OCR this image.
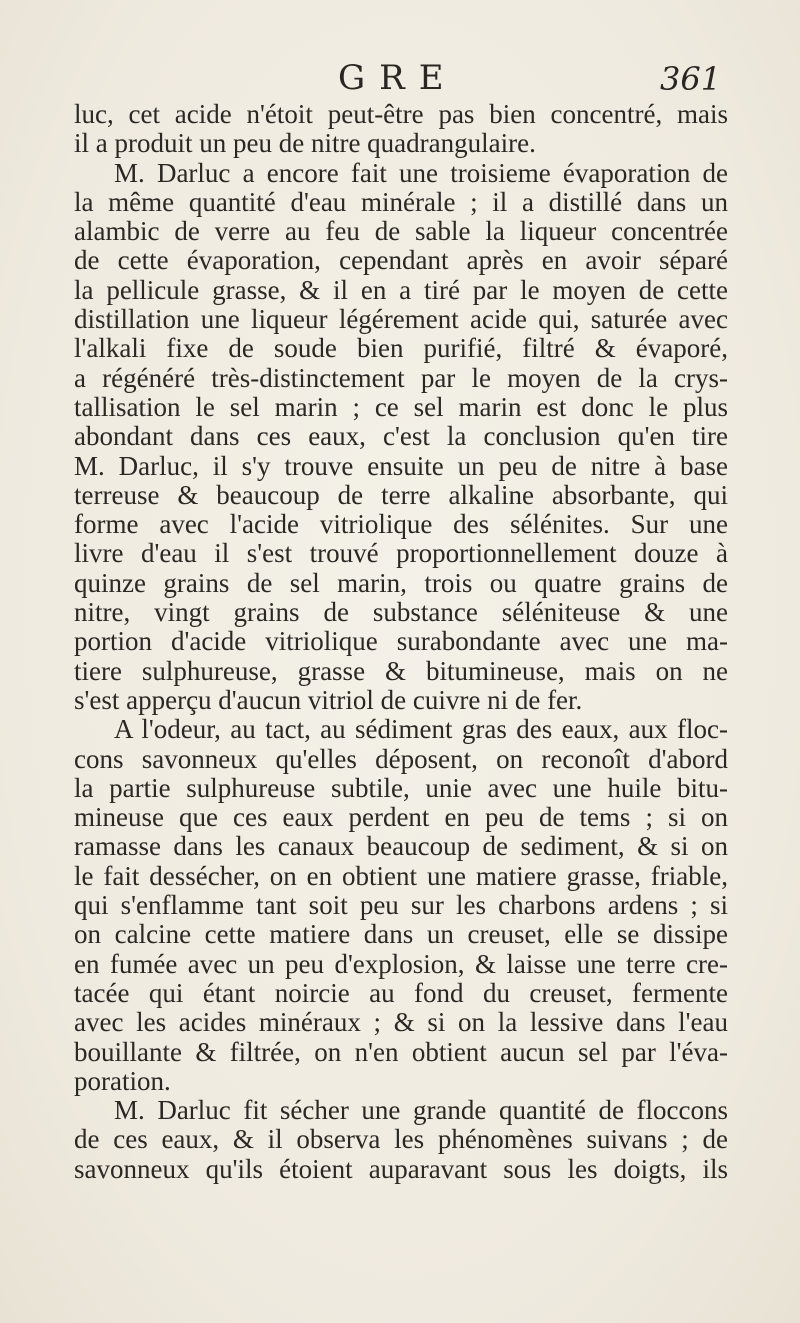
GRE	361
luc, cet acide n'étoit peut-être pas bien concentré, mais
il a produit un peu de nitre quadrangulaire.
M. Darluc a encore fait une troisieme évaporation de
la même quantité d'eau minérale ; il a distillé dans un
alambic de verre au feu de sable la liqueur concentrée
de cette évaporation, cependant après en avoir séparé
la pellicule grasse, & il en a tiré par le moyen de cette
distillation une liqueur légérement acide qui, saturée avec
l'alkali fixe de soude bien purifié, filtré & évaporé,
a régénéré très-distinctement par le moyen de la crys-
tallisation le sel marin ; ce sel marin est donc le plus
abondant dans ces eaux, c'est la conclusion qu'en tire
M. Darluc, il s'y trouve ensuite un peu de nitre à base
terreuse & beaucoup de terre alkaline absorbante, qui
forme avec l'acide vitriolique des sélénites. Sur une
livre d'eau il s'est trouvé proportionnellement douze à
quinze grains de sel marin, trois ou quatre grains de
nitre, vingt grains de substance séléniteuse & une
portion d'acide vitriolique surabondante avec une ma-
tiere sulphureuse, grasse & bitumineuse, mais on ne
s'est apperçu d'aucun vitriol de cuivre ni de fer.
A l'odeur, au tact, au sédiment gras des eaux, aux floc-
cons savonneux qu'elles déposent, on reconoît d'abord
la partie sulphureuse subtile, unie avec une huile bitu-
mineuse que ces eaux perdent en peu de tems ; si on
ramasse dans les canaux beaucoup de sediment, & si on
le fait dessécher, on en obtient une matiere grasse, friable,
qui s'enflamme tant soit peu sur les charbons ardens ; si
on calcine cette matiere dans un creuset, elle se dissipe
en fumée avec un peu d'explosion, & laisse une terre cre-
tacée qui étant noircie au fond du creuset, fermente
avec les acides minéraux ; & si on la lessive dans l'eau
bouillante & filtrée, on n'en obtient aucun sel par l'éva-
poration.
M. Darluc fit sécher une grande quantité de floccons
de ces eaux, & il observa les phénomènes suivans ; de
savonneux qu'ils étoient auparavant sous les doigts, ils
